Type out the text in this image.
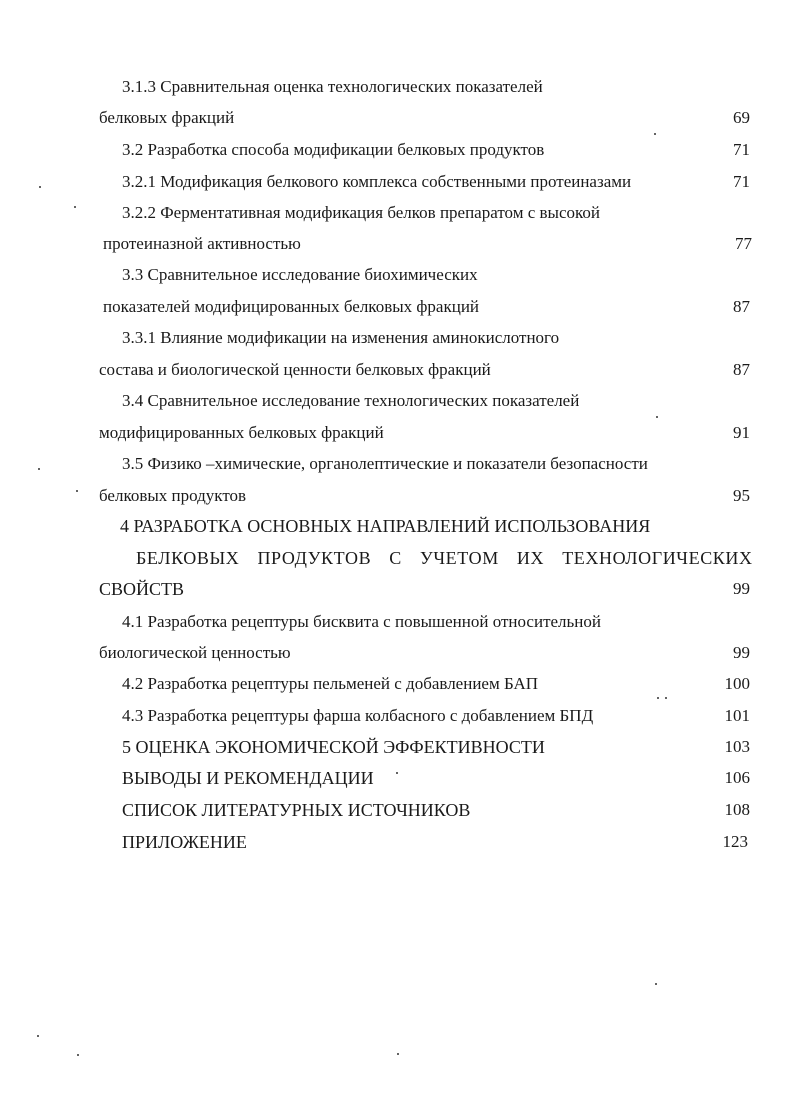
3.1.3 Сравнительная оценка технологических показателей
белковых фракций	69
3.2 Разработка способа модификации белковых продуктов	71
3.2.1 Модификация белкового комплекса собственными протеиназами	71
3.2.2 Ферментативная модификация белков препаратом с высокой
протеиназной активностью	77
3.3 Сравнительное исследование биохимических
показателей модифицированных белковых фракций	87
3.3.1 Влияние модификации на изменения аминокислотного
состава и биологической ценности белковых фракций	87
3.4 Сравнительное исследование технологических показателей
модифицированных белковых фракций	91
3.5 Физико –химические, органолептические и показатели безопасности
белковых продуктов	95
4 РАЗРАБОТКА ОСНОВНЫХ НАПРАВЛЕНИЙ ИСПОЛЬЗОВАНИЯ
БЕЛКОВЫХ ПРОДУКТОВ С УЧЕТОМ ИХ ТЕХНОЛОГИЧЕСКИХ
СВОЙСТВ	99
4.1 Разработка рецептуры бисквита с повышенной относительной
биологической ценностью	99
4.2 Разработка рецептуры пельменей с добавлением БАП	100
4.3 Разработка рецептуры фарша колбасного с добавлением БПД	101
5 ОЦЕНКА ЭКОНОМИЧЕСКОЙ ЭФФЕКТИВНОСТИ	103
ВЫВОДЫ И РЕКОМЕНДАЦИИ	106
СПИСОК ЛИТЕРАТУРНЫХ ИСТОЧНИКОВ	108
ПРИЛОЖЕНИЕ	123
